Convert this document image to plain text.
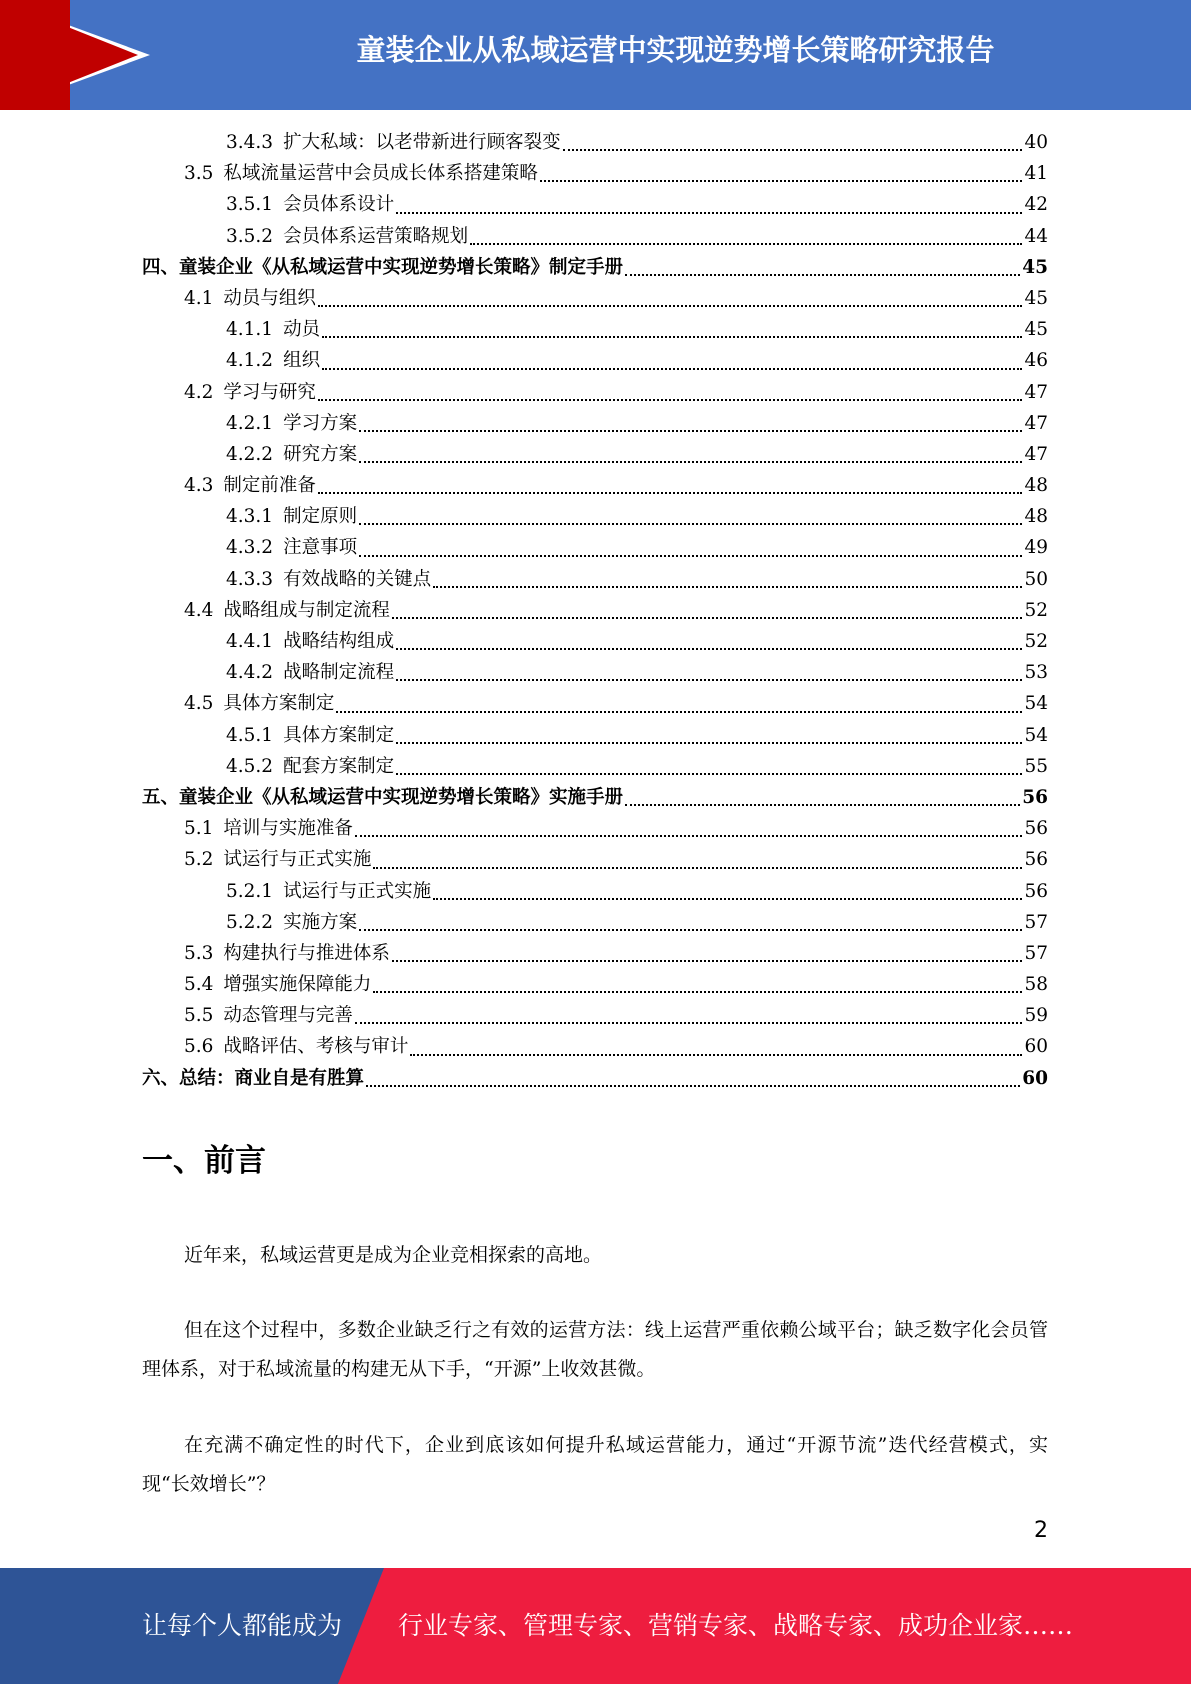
童装企业从私域运营中实现逆势增长策略研究报告
3.4.3 扩大私域：以老带新进行顾客裂变	40
3.5 私域流量运营中会员成长体系搭建策略	41
3.5.1 会员体系设计	42
3.5.2 会员体系运营策略规划	44
四、童装企业《从私域运营中实现逆势增长策略》制定手册	45
4.1 动员与组织	45
4.1.1 动员	45
4.1.2 组织	46
4.2 学习与研究	47
4.2.1 学习方案	47
4.2.2 研究方案	47
4.3 制定前准备	48
4.3.1 制定原则	48
4.3.2 注意事项	49
4.3.3 有效战略的关键点	50
4.4 战略组成与制定流程	52
4.4.1 战略结构组成	52
4.4.2 战略制定流程	53
4.5 具体方案制定	54
4.5.1 具体方案制定	54
4.5.2 配套方案制定	55
五、童装企业《从私域运营中实现逆势增长策略》实施手册	56
5.1 培训与实施准备	56
5.2 试运行与正式实施	56
5.2.1 试运行与正式实施	56
5.2.2 实施方案	57
5.3 构建执行与推进体系	57
5.4 增强实施保障能力	58
5.5 动态管理与完善	59
5.6 战略评估、考核与审计	60
六、总结：商业自是有胜算	60
一、前言
近年来，私域运营更是成为企业竞相探索的高地。
但在这个过程中，多数企业缺乏行之有效的运营方法：线上运营严重依赖公域平台；缺乏数字化会员管理体系，对于私域流量的构建无从下手，“开源”上收效甚微。
在充满不确定性的时代下，企业到底该如何提升私域运营能力，通过“开源节流”迭代经营模式，实现“长效增长”？
2
让每个人都能成为 行业专家、管理专家、营销专家、战略专家、成功企业家……
